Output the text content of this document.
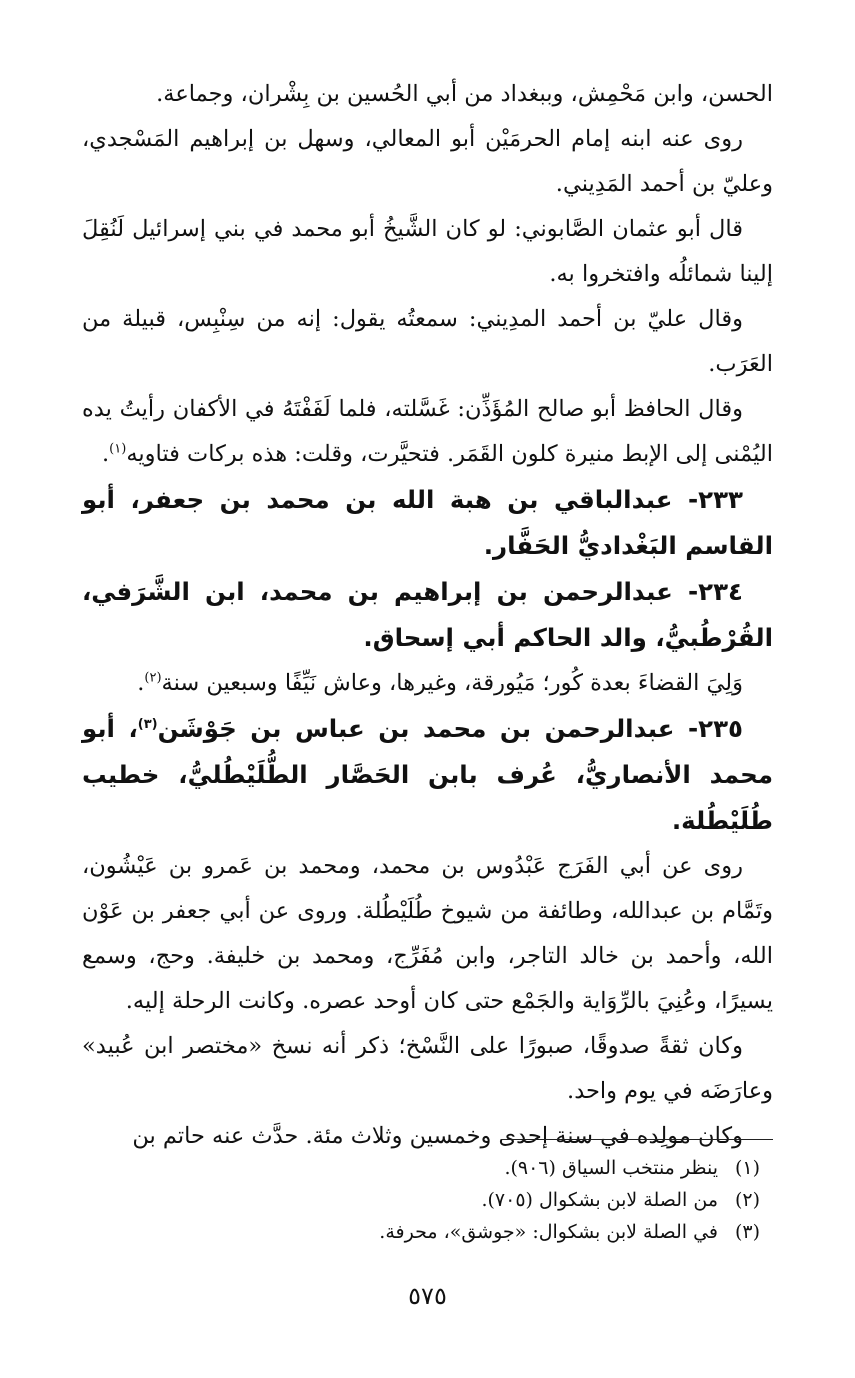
الحسن، وابن مَحْمِش، وببغداد من أبي الحُسين بن بِشْران، وجماعة.

روى عنه ابنه إمام الحرمَيْن أبو المعالي، وسهل بن إبراهيم المَسْجدي، وعليّ بن أحمد المَدِيني.

قال أبو عثمان الصَّابوني: لو كان الشَّيخُ أبو محمد في بني إسرائيل لَنُقِلَ إلينا شمائلُه وافتخروا به.

وقال عليّ بن أحمد المدِيني: سمعتُه يقول: إنه من سِنْبِس، قبيلة من العَرَب.

وقال الحافظ أبو صالح المُؤَذِّن: غَسَّلته، فلما لَفَفْتَهُ في الأكفان رأيتُ يده اليُمْنى إلى الإبط منيرة كلون القَمَر. فتحيَّرت، وقلت: هذه بركات فتاويه$^{(١)}$.

٢٣٣- عبدالباقي بن هبة الله بن محمد بن جعفر، أبو القاسم البَغْداديُّ الحَفَّار.

٢٣٤- عبدالرحمن بن إبراهيم بن محمد، ابن الشَّرَفي، القُرْطُبيُّ، والد الحاكم أبي إسحاق.

وَلِيَ القضاءَ بعدة كُور؛ مَيُورقة، وغيرها، وعاش نَيِّفًا وسبعين سنة$^{(٢)}$.

٢٣٥- عبدالرحمن بن محمد بن عباس بن جَوْشَن$^{(٣)}$، أبو محمد الأنصاريُّ، عُرف بابن الحَصَّار الطُّلَيْطُليُّ، خطيب طُلَيْطُلة.

روى عن أبي الفَرَج عَبْدُوس بن محمد، ومحمد بن عَمرو بن عَيْشُون، وتَمَّام بن عبدالله، وطائفة من شيوخ طُلَيْطُلة. وروى عن أبي جعفر بن عَوْن الله، وأحمد بن خالد التاجر، وابن مُفَرِّج، ومحمد بن خليفة. وحج، وسمع يسيرًا، وعُنِيَ بالرِّوَاية والجَمْع حتى كان أوحد عصره. وكانت الرحلة إليه.

وكان ثقةً صدوقًا، صبورًا على النَّسْخ؛ ذكر أنه نسخ «مختصر ابن عُبيد» وعارَضَه في يوم واحد.

وكان مولِده في سنة إحدى وخمسين وثلاث مئة. حدَّث عنه حاتم بن

(١)ينظر منتخب السياق (٩٠٦).

(٢)من الصلة لابن بشكوال (٧٠٥).

(٣)في الصلة لابن بشكوال: «جوشق»، محرفة.

٥٧٥
